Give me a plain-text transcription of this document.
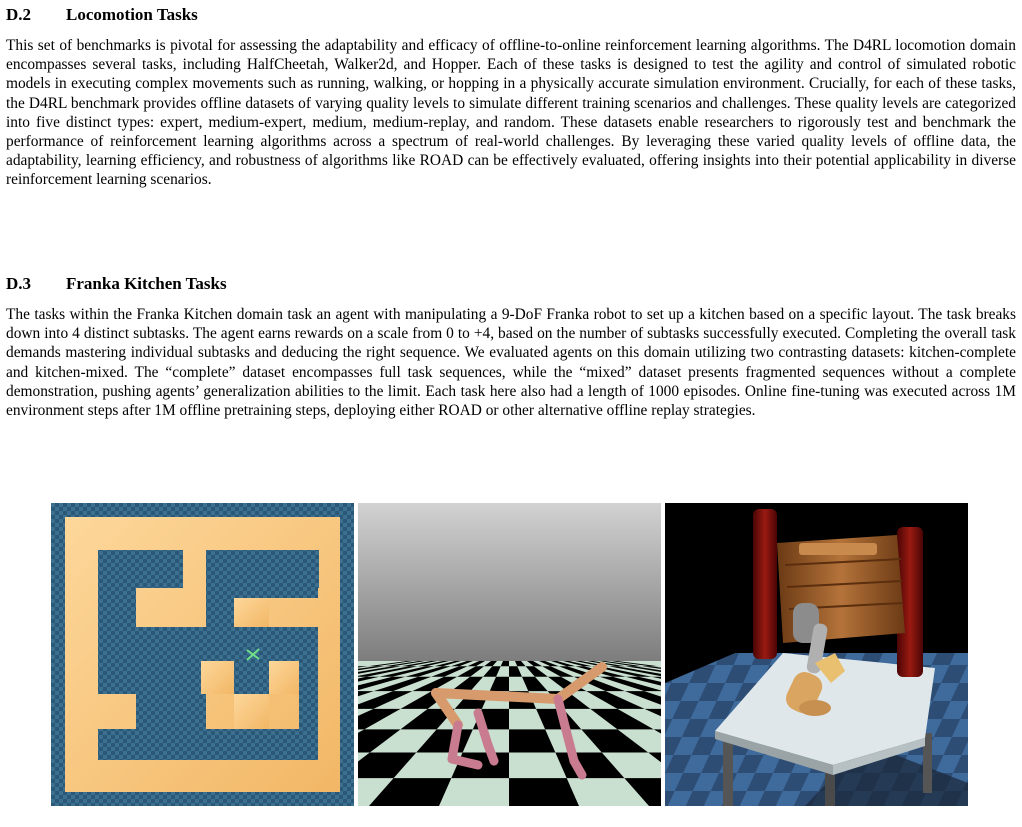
D.2 Locomotion Tasks

This set of benchmarks is pivotal for assessing the adaptability and efficacy of offline-to-online reinforcement learning algorithms. The D4RL locomotion domain encompasses several tasks, including HalfCheetah, Walker2d, and Hopper. Each of these tasks is designed to test the agility and control of simulated robotic models in executing complex movements such as running, walking, or hopping in a physically accurate simulation environment. Crucially, for each of these tasks, the D4RL benchmark provides offline datasets of varying quality levels to simulate different training scenarios and challenges. These quality levels are categorized into five distinct types: expert, medium-expert, medium, medium-replay, and random. These datasets enable researchers to rigorously test and benchmark the performance of reinforcement learning algorithms across a spectrum of real-world challenges. By leveraging these varied quality levels of offline data, the adaptability, learning efficiency, and robustness of algorithms like ROAD can be effectively evaluated, offering insights into their potential applicability in diverse reinforcement learning scenarios.

D.3 Franka Kitchen Tasks

The tasks within the Franka Kitchen domain task an agent with manipulating a 9-DoF Franka robot to set up a kitchen based on a specific layout. The task breaks down into 4 distinct subtasks. The agent earns rewards on a scale from 0 to +4, based on the number of subtasks successfully executed. Completing the overall task demands mastering individual subtasks and deducing the right sequence. We evaluated agents on this domain utilizing two contrasting datasets: kitchen-complete and kitchen-mixed. The “complete” dataset encompasses full task sequences, while the “mixed” dataset presents fragmented sequences without a complete demonstration, pushing agents’ generalization abilities to the limit. Each task here also had a length of 1000 episodes. Online fine-tuning was executed across 1M environment steps after 1M offline pretraining steps, deploying either ROAD or other alternative offline replay strategies.
